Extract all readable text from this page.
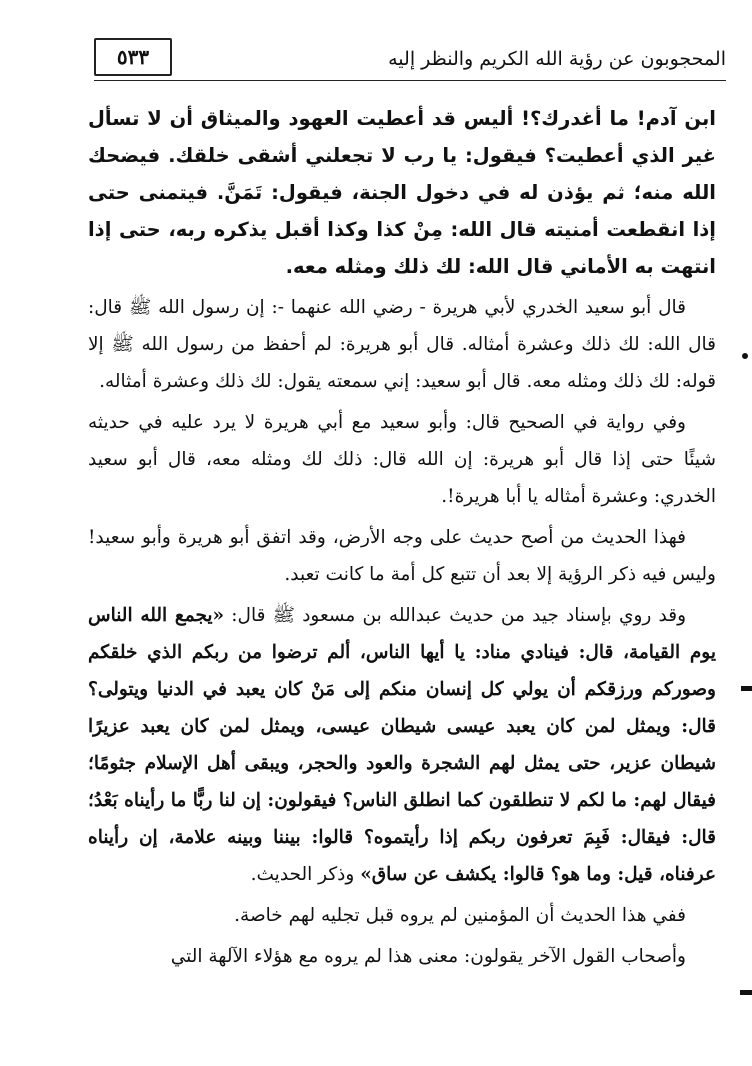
المحجوبون عن رؤية الله الكريم والنظر إليه
٥٣٣

ابن آدم! ما أغدرك؟! أليس قد أعطيت العهود والميثاق أن لا تسأل غير الذي أعطيت؟ فيقول: يا رب لا تجعلني أشقى خلقك. فيضحك الله منه؛ ثم يؤذن له في دخول الجنة، فيقول: تَمَنَّ. فيتمنى حتى إذا انقطعت أمنيته قال الله: مِنْ كذا وكذا أقبل يذكره ربه، حتى إذا انتهت به الأماني قال الله: لك ذلك ومثله معه.

قال أبو سعيد الخدري لأبي هريرة - رضي الله عنهما -: إن رسول الله ﷺ قال: قال الله: لك ذلك وعشرة أمثاله. قال أبو هريرة: لم أحفظ من رسول الله ﷺ إلا قوله: لك ذلك ومثله معه. قال أبو سعيد: إني سمعته يقول: لك ذلك وعشرة أمثاله.

وفي رواية في الصحيح قال: وأبو سعيد مع أبي هريرة لا يرد عليه في حديثه شيئًا حتى إذا قال أبو هريرة: إن الله قال: ذلك لك ومثله معه، قال أبو سعيد الخدري: وعشرة أمثاله يا أبا هريرة!.

فهذا الحديث من أصح حديث على وجه الأرض، وقد اتفق أبو هريرة وأبو سعيد! وليس فيه ذكر الرؤية إلا بعد أن تتبع كل أمة ما كانت تعبد.

وقد روي بإسناد جيد من حديث عبدالله بن مسعود ﷺ قال: «يجمع الله الناس يوم القيامة، قال: فينادي مناد: يا أيها الناس، ألم ترضوا من ربكم الذي خلقكم وصوركم ورزقكم أن يولي كل إنسان منكم إلى مَنْ كان يعبد في الدنيا ويتولى؟ قال: ويمثل لمن كان يعبد عيسى شيطان عيسى، ويمثل لمن كان يعبد عزيرًا شيطان عزير، حتى يمثل لهم الشجرة والعود والحجر، ويبقى أهل الإسلام جثومًا؛ فيقال لهم: ما لكم لا تنطلقون كما انطلق الناس؟ فيقولون: إن لنا ربًّا ما رأيناه بَعْدُ؛ قال: فيقال: فَبِمَ تعرفون ربكم إذا رأيتموه؟ قالوا: بيننا وبينه علامة، إن رأيناه عرفناه، قيل: وما هو؟ قالوا: يكشف عن ساق» وذكر الحديث.

ففي هذا الحديث أن المؤمنين لم يروه قبل تجليه لهم خاصة.

وأصحاب القول الآخر يقولون: معنى هذا لم يروه مع هؤلاء الآلهة التي
